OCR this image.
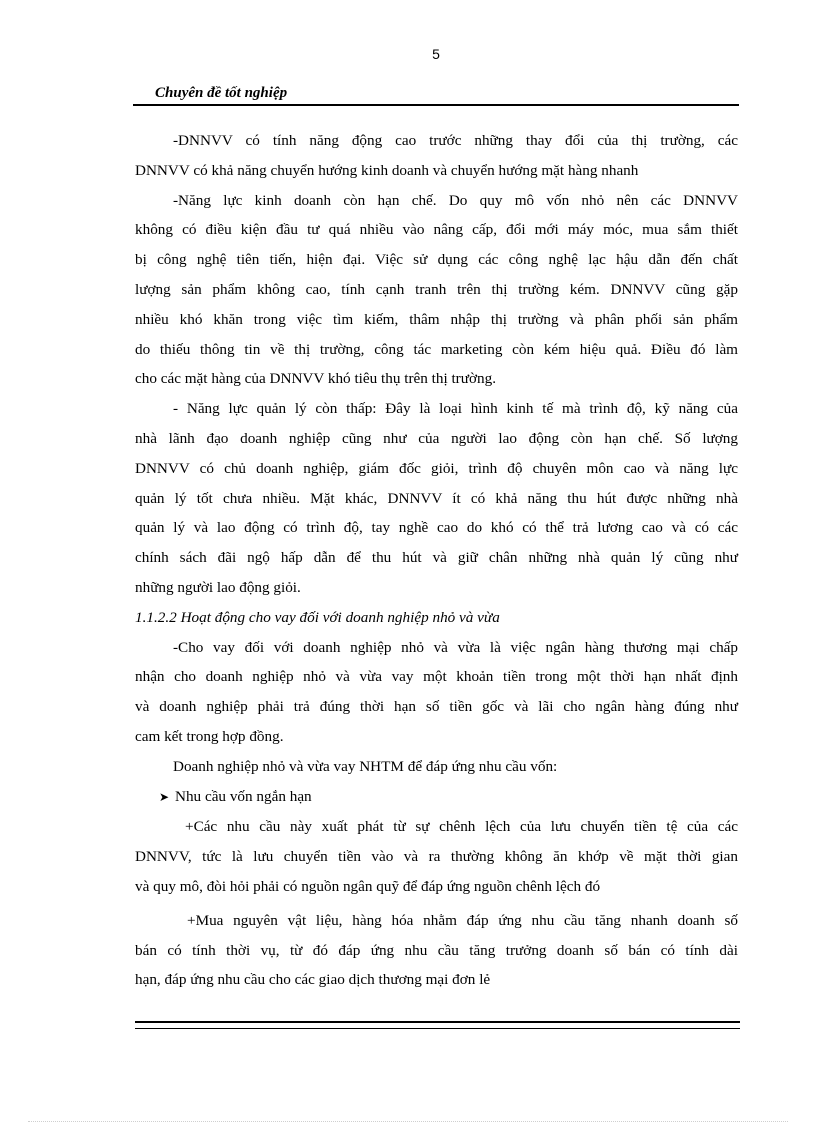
5
Chuyên đề tốt nghiệp

-DNNVV có tính năng động cao trước những thay đổi của thị trường, các
DNNVV có khả năng chuyển hướng kinh doanh và chuyển hướng mặt hàng nhanh

-Năng lực kinh doanh còn hạn chế. Do quy mô vốn nhỏ nên các DNNVV
không có điều kiện đầu tư quá nhiều vào nâng cấp, đổi mới máy móc, mua sắm thiết
bị công nghệ tiên tiến, hiện đại. Việc sử dụng các công nghệ lạc hậu dẫn đến chất
lượng sản phẩm không cao, tính cạnh tranh trên thị trường kém. DNNVV cũng gặp
nhiều khó khăn trong việc tìm kiếm, thâm nhập thị trường và phân phối sản phẩm
do thiếu thông tin về thị trường, công tác marketing còn kém hiệu quả. Điều đó làm
cho các mặt hàng của DNNVV khó tiêu thụ trên thị trường.

- Năng lực quản lý còn thấp: Đây là loại hình kinh tế mà trình độ, kỹ năng của
nhà lãnh đạo doanh nghiệp cũng như của người lao động còn hạn chế. Số lượng
DNNVV có chủ doanh nghiệp, giám đốc giỏi, trình độ chuyên môn cao và năng lực
quản lý tốt chưa nhiều. Mặt khác, DNNVV ít có khả năng thu hút được những nhà
quản lý và lao động có trình độ, tay nghề cao do khó có thể trả lương cao và có các
chính sách đãi ngộ hấp dẫn để thu hút và giữ chân những nhà quản lý cũng như
những người lao động giỏi.

1.1.2.2 Hoạt động cho vay đối với doanh nghiệp nhỏ và vừa

-Cho vay đối với doanh nghiệp nhỏ và vừa là việc ngân hàng thương mại chấp
nhận cho doanh nghiệp nhỏ và vừa vay một khoản tiền trong một thời hạn nhất định
và doanh nghiệp phải trả đúng thời hạn số tiền gốc và lãi cho ngân hàng đúng như
cam kết trong hợp đồng.

Doanh nghiệp nhỏ và vừa vay NHTM để đáp ứng nhu cầu vốn:

➤ Nhu cầu vốn ngắn hạn

+Các nhu cầu này xuất phát từ sự chênh lệch của lưu chuyển tiền tệ của các
DNNVV, tức là lưu chuyển tiền vào và ra thường không ăn khớp về mặt thời gian
và quy mô, đòi hỏi phải có nguồn ngân quỹ để đáp ứng nguồn chênh lệch đó

+Mua nguyên vật liệu, hàng hóa nhằm đáp ứng nhu cầu tăng nhanh doanh số
bán có tính thời vụ, từ đó đáp ứng nhu cầu tăng trưởng doanh số bán có tính dài
hạn, đáp ứng nhu cầu cho các giao dịch thương mại đơn lẻ
